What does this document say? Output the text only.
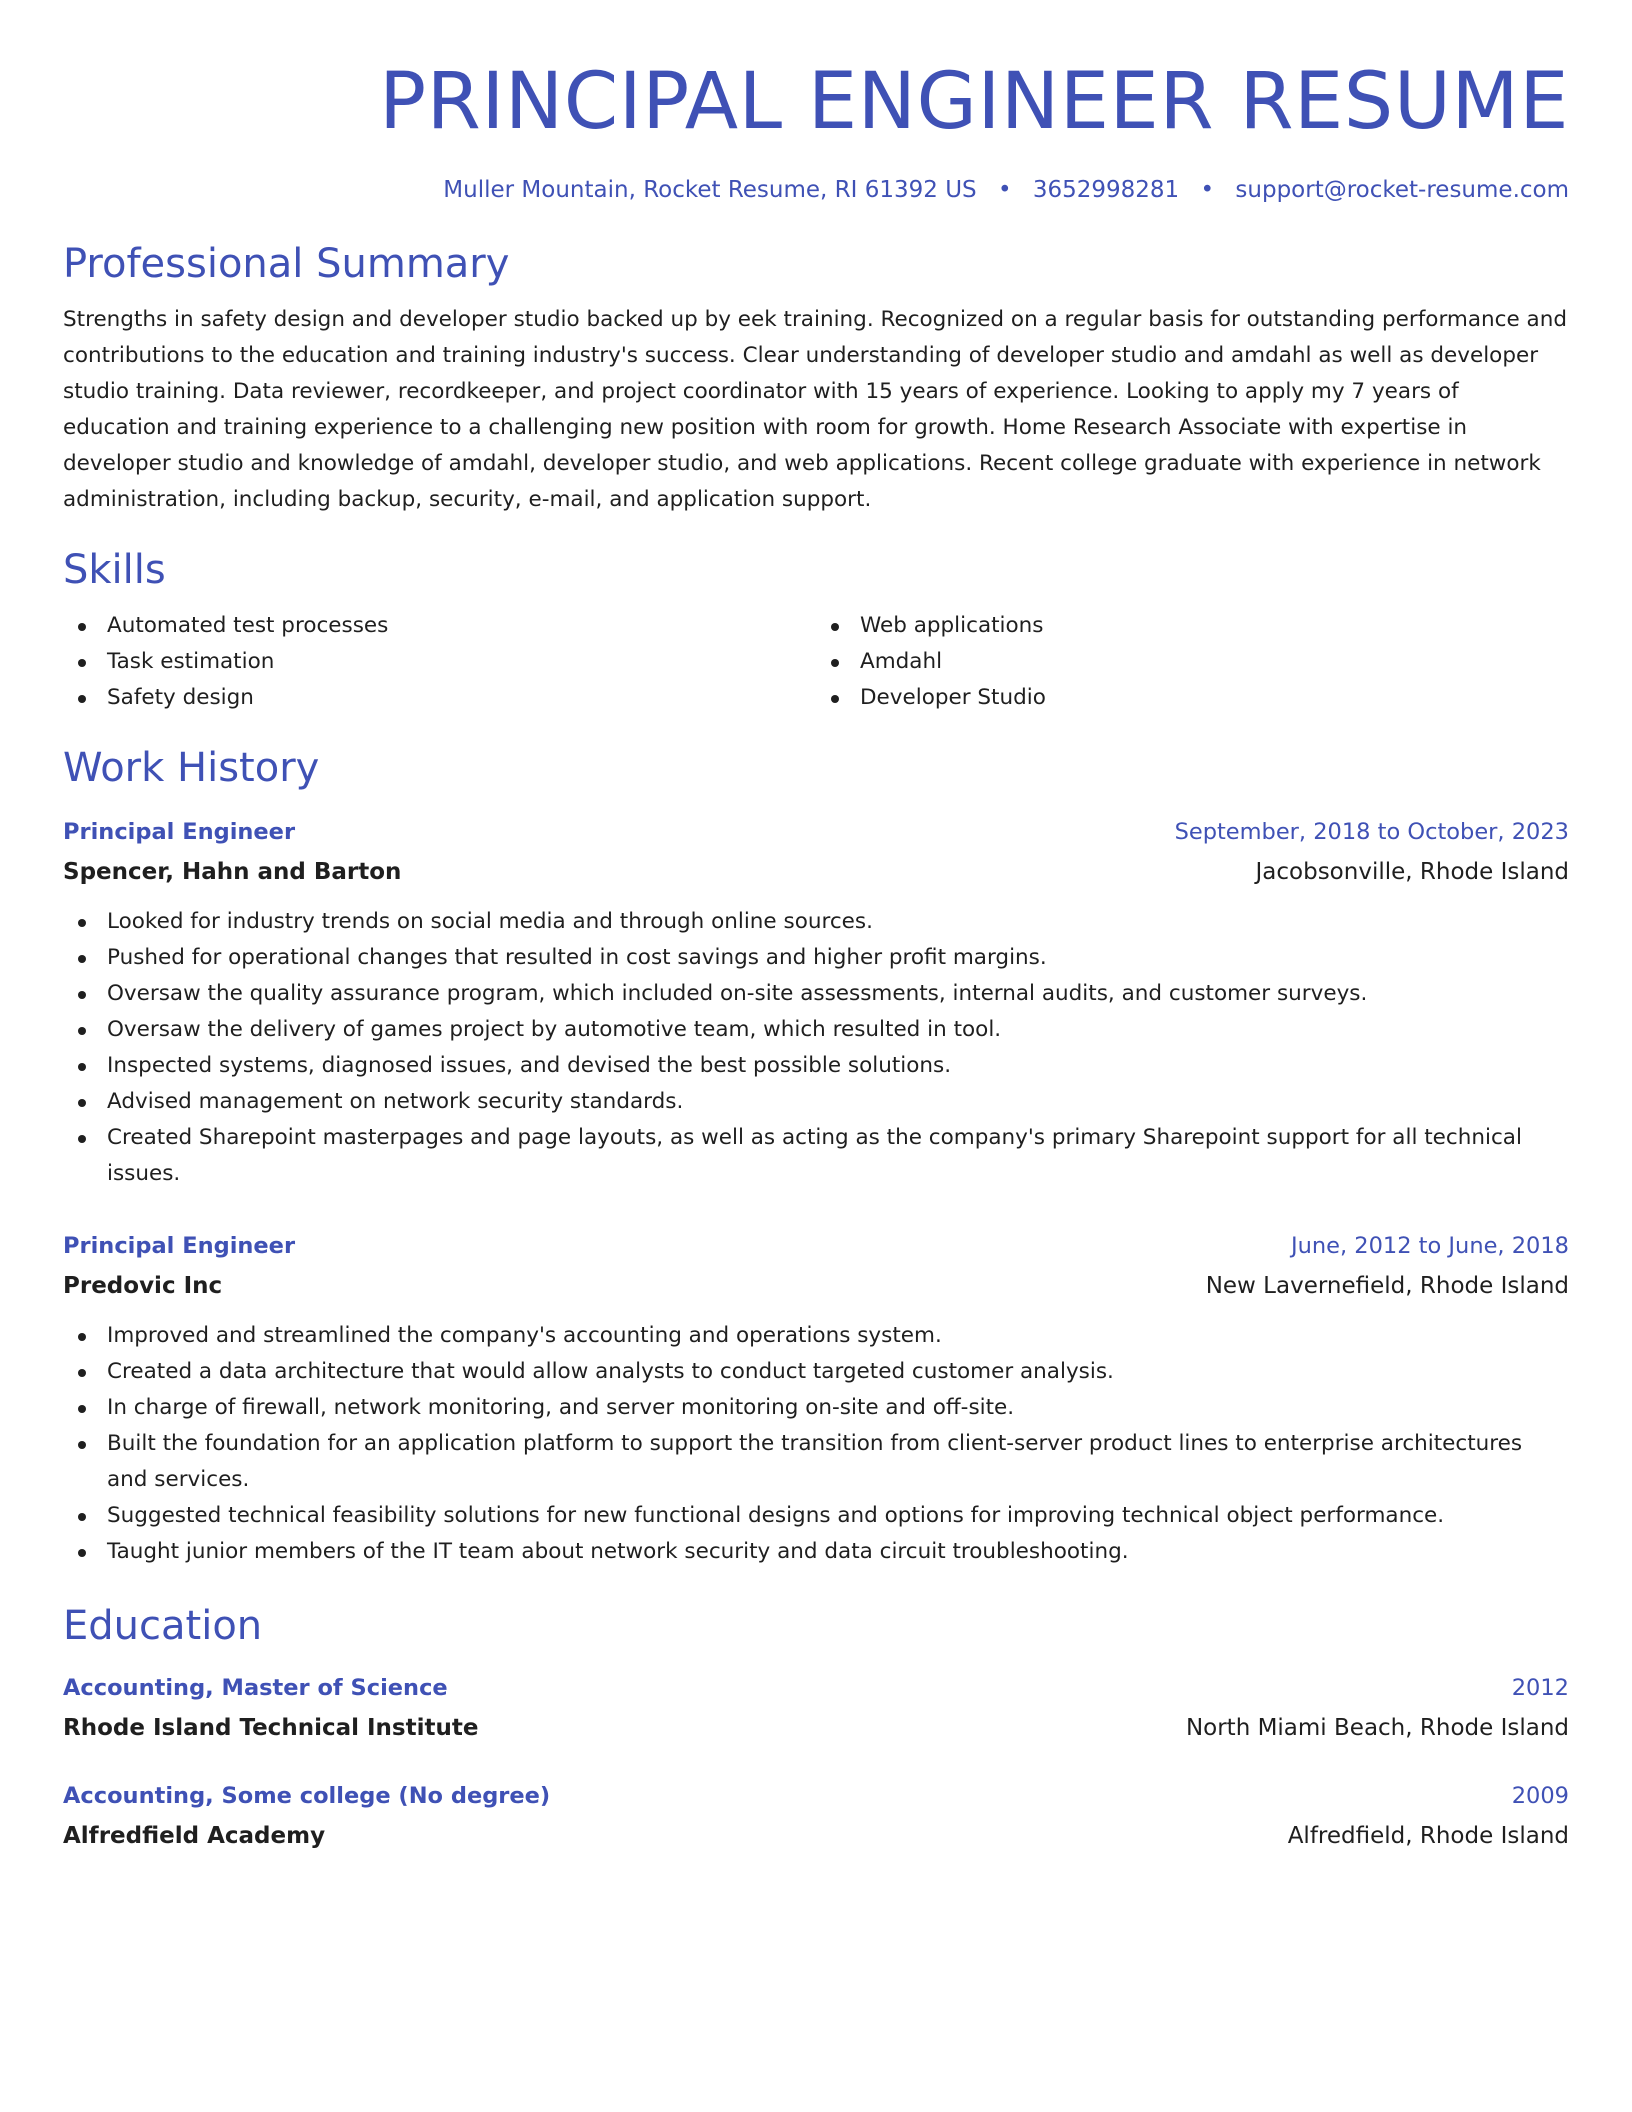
PRINCIPAL ENGINEER RESUME
Muller Mountain, Rocket Resume, RI 61392 US • 3652998281 • support@rocket-resume.com
Professional Summary

Strengths in safety design and developer studio backed up by eek training. Recognized on a regular basis for outstanding performance and contributions to the education and training industry's success. Clear understanding of developer studio and amdahl as well as developer studio training. Data reviewer, recordkeeper, and project coordinator with 15 years of experience. Looking to apply my 7 years of education and training experience to a challenging new position with room for growth. Home Research Associate with expertise in developer studio and knowledge of amdahl, developer studio, and web applications. Recent college graduate with experience in network administration, including backup, security, e-mail, and application support.

Skills
Automated test processes
Task estimation
Safety design
Web applications
Amdahl
Developer Studio
Work History
Principal Engineer	September, 2018 to October, 2023
Spencer, Hahn and Barton	Jacobsonville, Rhode Island
Looked for industry trends on social media and through online sources.
Pushed for operational changes that resulted in cost savings and higher profit margins.
Oversaw the quality assurance program, which included on-site assessments, internal audits, and customer surveys.
Oversaw the delivery of games project by automotive team, which resulted in tool.
Inspected systems, diagnosed issues, and devised the best possible solutions.
Advised management on network security standards.
Created Sharepoint masterpages and page layouts, as well as acting as the company's primary Sharepoint support for all technical issues.
Principal Engineer	June, 2012 to June, 2018
Predovic Inc	New Lavernefield, Rhode Island
Improved and streamlined the company's accounting and operations system.
Created a data architecture that would allow analysts to conduct targeted customer analysis.
In charge of firewall, network monitoring, and server monitoring on-site and off-site.
Built the foundation for an application platform to support the transition from client-server product lines to enterprise architectures and services.
Suggested technical feasibility solutions for new functional designs and options for improving technical object performance.
Taught junior members of the IT team about network security and data circuit troubleshooting.
Education
Accounting, Master of Science	2012
Rhode Island Technical Institute	North Miami Beach, Rhode Island
Accounting, Some college (No degree)	2009
Alfredfield Academy	Alfredfield, Rhode Island
